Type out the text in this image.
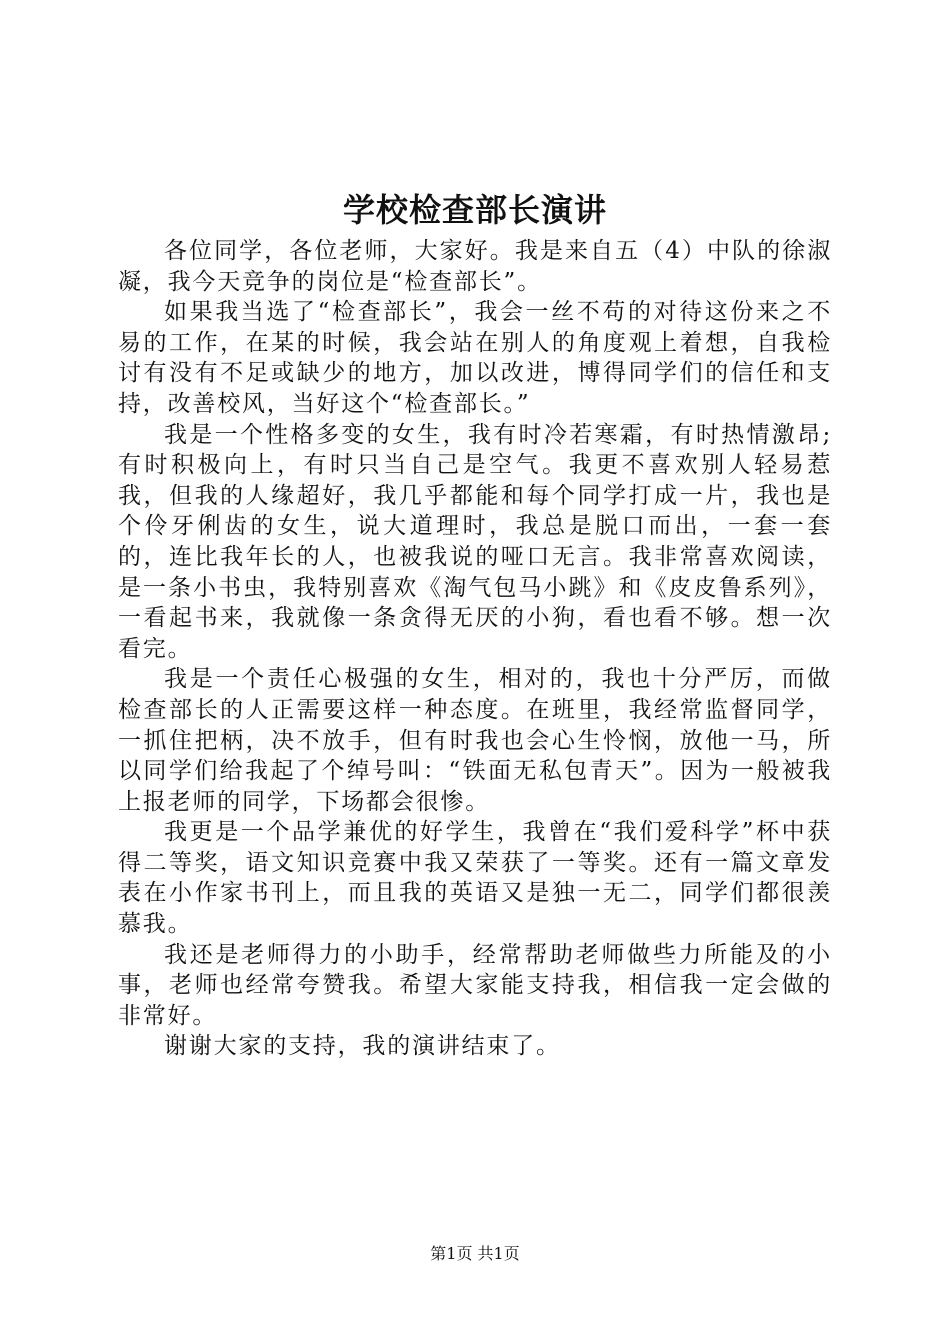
学校检查部长演讲

各位同学，各位老师，大家好。我是来自五（4）中队的徐淑凝，我今天竞争的岗位是“检查部长”。

如果我当选了“检查部长”，我会一丝不苟的对待这份来之不易的工作，在某的时候，我会站在别人的角度观上着想，自我检讨有没有不足或缺少的地方，加以改进，博得同学们的信任和支持，改善校风，当好这个“检查部长。”

我是一个性格多变的女生，我有时冷若寒霜，有时热情激昂;有时积极向上，有时只当自己是空气。我更不喜欢别人轻易惹我，但我的人缘超好，我几乎都能和每个同学打成一片，我也是个伶牙俐齿的女生，说大道理时，我总是脱口而出，一套一套的，连比我年长的人，也被我说的哑口无言。我非常喜欢阅读，是一条小书虫，我特别喜欢《淘气包马小跳》和《皮皮鲁系列》，一看起书来，我就像一条贪得无厌的小狗，看也看不够。想一次看完。

我是一个责任心极强的女生，相对的，我也十分严厉，而做检查部长的人正需要这样一种态度。在班里，我经常监督同学，一抓住把柄，决不放手，但有时我也会心生怜悯，放他一马，所以同学们给我起了个绰号叫：“铁面无私包青天”。因为一般被我上报老师的同学，下场都会很惨。

我更是一个品学兼优的好学生，我曾在“我们爱科学”杯中获得二等奖，语文知识竞赛中我又荣获了一等奖。还有一篇文章发表在小作家书刊上，而且我的英语又是独一无二，同学们都很羡慕我。

我还是老师得力的小助手，经常帮助老师做些力所能及的小事，老师也经常夸赞我。希望大家能支持我，相信我一定会做的非常好。

谢谢大家的支持，我的演讲结束了。

第1页 共1页
